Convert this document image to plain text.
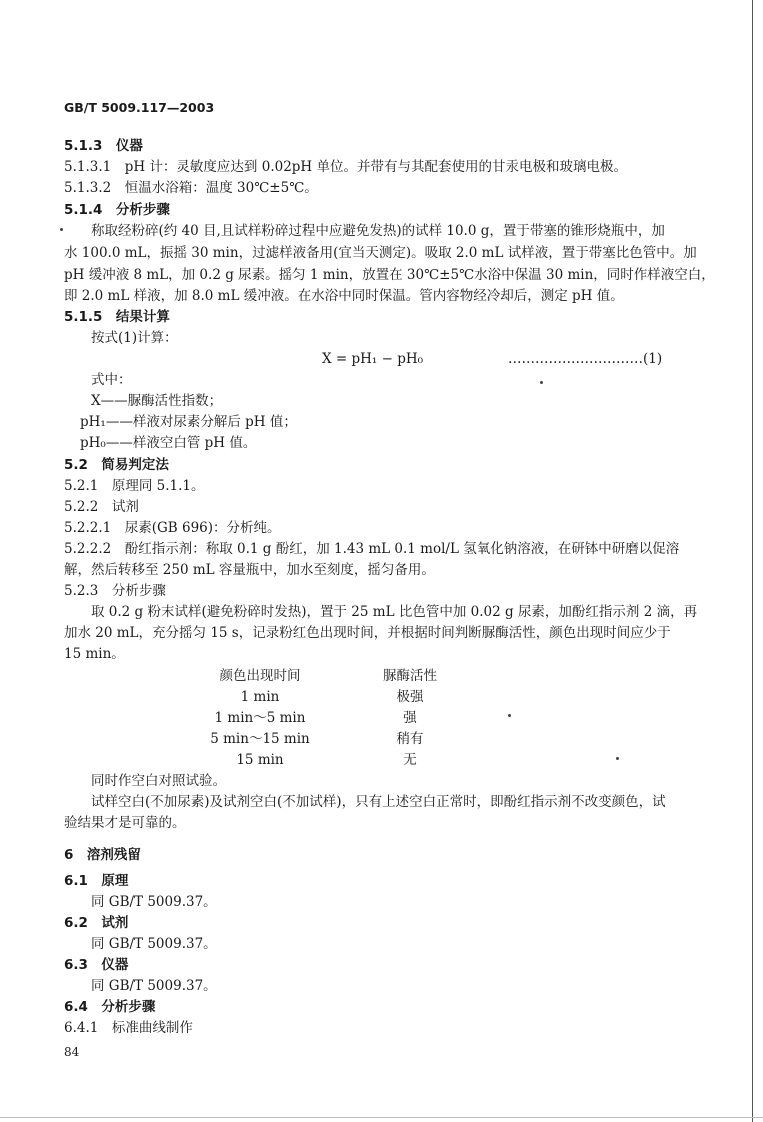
GB/T 5009.117—2003
5.1.3　仪器
5.1.3.1　pH 计：灵敏度应达到 0.02pH 单位。并带有与其配套使用的甘汞电极和玻璃电极。
5.1.3.2　恒温水浴箱：温度 30℃±5℃。
5.1.4　分析步骤
称取经粉碎(约 40 目,且试样粉碎过程中应避免发热)的试样 10.0 g，置于带塞的锥形烧瓶中，加
水 100.0 mL，振摇 30 min，过滤样液备用(宜当天测定)。吸取 2.0 mL 试样液，置于带塞比色管中。加
pH 缓冲液 8 mL，加 0.2 g 尿素。摇匀 1 min，放置在 30℃±5℃水浴中保温 30 min，同时作样液空白，
即 2.0 mL 样液，加 8.0 mL 缓冲液。在水浴中同时保温。管内容物经冷却后，测定 pH 值。
5.1.5　结果计算
按式(1)计算：
X = pH₁ − pH₀	…………………………(1)
式中：
X——脲酶活性指数；
pH₁——样液对尿素分解后 pH 值；
pH₀——样液空白管 pH 值。
5.2　简易判定法
5.2.1　原理同 5.1.1。
5.2.2　试剂
5.2.2.1　尿素(GB 696)：分析纯。
5.2.2.2　酚红指示剂：称取 0.1 g 酚红，加 1.43 mL 0.1 mol/L 氢氧化钠溶液，在研钵中研磨以促溶
解，然后转移至 250 mL 容量瓶中，加水至刻度，摇匀备用。
5.2.3　分析步骤
取 0.2 g 粉末试样(避免粉碎时发热)，置于 25 mL 比色管中加 0.02 g 尿素，加酚红指示剂 2 滴，再
加水 20 mL，充分摇匀 15 s，记录粉红色出现时间，并根据时间判断脲酶活性，颜色出现时间应少于
15 min。
颜色出现时间	脲酶活性
1 min	极强
1 min～5 min	强
5 min～15 min	稍有
15 min	无
同时作空白对照试验。
试样空白(不加尿素)及试剂空白(不加试样)，只有上述空白正常时，即酚红指示剂不改变颜色，试
验结果才是可靠的。
6　溶剂残留
6.1　原理
同 GB/T 5009.37。
6.2　试剂
同 GB/T 5009.37。
6.3　仪器
同 GB/T 5009.37。
6.4　分析步骤
6.4.1　标准曲线制作
84
